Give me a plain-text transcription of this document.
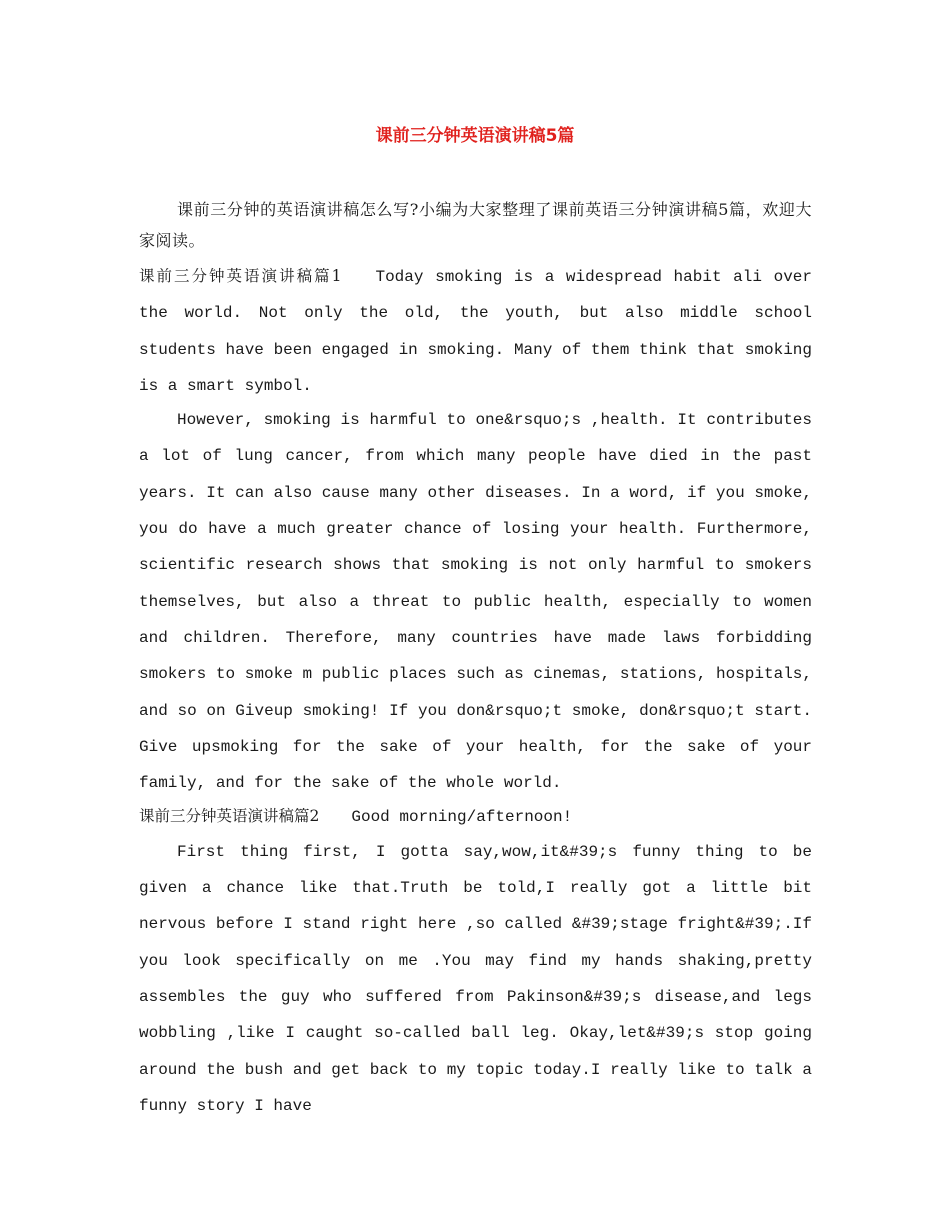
课前三分钟英语演讲稿5篇

课前三分钟的英语演讲稿怎么写?小编为大家整理了课前英语三分钟演讲稿5篇，欢迎大家阅读。

课前三分钟英语演讲稿篇1 Today smoking is a widespread habit ali over the world. Not only the old, the youth, but also middle school students have been engaged in smoking. Many of them think that smoking is a smart symbol.

However, smoking is harmful to one&rsquo;s ,health. It contributes a lot of lung cancer, from which many people have died in the past years. It can also cause many other diseases. In a word, if you smoke, you do have a much greater chance of losing your health. Furthermore, scientific research shows that smoking is not only harmful to smokers themselves, but also a threat to public health, especially to women and children. Therefore, many countries have made laws forbidding smokers to smoke m public places such as cinemas, stations, hospitals, and so on Giveup smoking! If you don&rsquo;t smoke, don&rsquo;t start. Give upsmoking for the sake of your health, for the sake of your family, and for the sake of the whole world.

课前三分钟英语演讲稿篇2 Good morning/afternoon!

First thing first, I gotta say,wow,it&#39;s funny thing to be given a chance like that.Truth be told,I really got a little bit nervous before I stand right here ,so called &#39;stage fright&#39;.If you look specifically on me .You may find my hands shaking,pretty assembles the guy who suffered from Pakinson&#39;s disease,and legs wobbling ,like I caught so-called ball leg. Okay,let&#39;s stop going around the bush and get back to my topic today.I really like to talk a funny story I have
